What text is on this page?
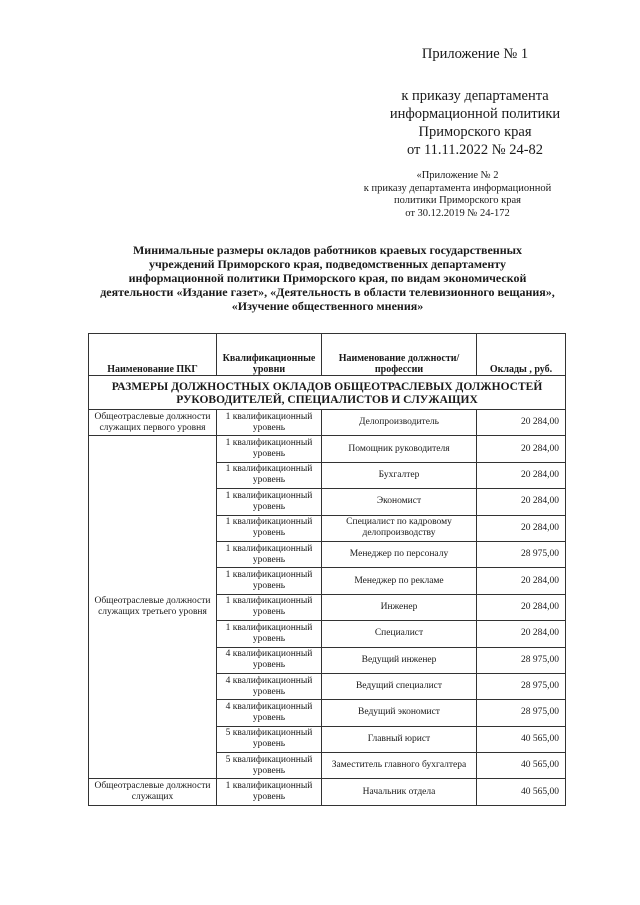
Приложение № 1
к приказу департамента
информационной политики
Приморского края
от 11.11.2022 № 24-82
«Приложение № 2
к приказу департамента информационной
политики Приморского края
от 30.12.2019 № 24-172
Минимальные размеры окладов работников краевых государственных учреждений Приморского края, подведомственных департаменту информационной политики Приморского края, по видам экономической деятельности «Издание газет», «Деятельность в области телевизионного вещания», «Изучение общественного мнения»
Наименование ПКГ	Квалификационные уровни	Наименование должности/профессии	Оклады , руб.
РАЗМЕРЫ ДОЛЖНОСТНЫХ ОКЛАДОВ ОБЩЕОТРАСЛЕВЫХ ДОЛЖНОСТЕЙ РУКОВОДИТЕЛЕЙ, СПЕЦИАЛИСТОВ И СЛУЖАЩИХ			
Общеотраслевые должности служащих первого уровня	1 квалификационный уровень	Делопроизводитель	20 284,00
Общеотраслевые должности служащих третьего уровня	1 квалификационный уровень	Помощник руководителя	20 284,00
	1 квалификационный уровень	Бухгалтер	20 284,00
	1 квалификационный уровень	Экономист	20 284,00
	1 квалификационный уровень	Специалист по кадровому делопроизводству	20 284,00
	1 квалификационный уровень	Менеджер по персоналу	28 975,00
	1 квалификационный уровень	Менеджер по рекламе	20 284,00
	1 квалификационный уровень	Инженер	20 284,00
	1 квалификационный уровень	Специалист	20 284,00
	4 квалификационный уровень	Ведущий инженер	28 975,00
	4 квалификационный уровень	Ведущий специалист	28 975,00
	4 квалификационный уровень	Ведущий экономист	28 975,00
	5 квалификационный уровень	Главный юрист	40 565,00
	5 квалификационный уровень	Заместитель главного бухгалтера	40 565,00
Общеотраслевые должности служащих	1 квалификационный уровень	Начальник отдела	40 565,00
